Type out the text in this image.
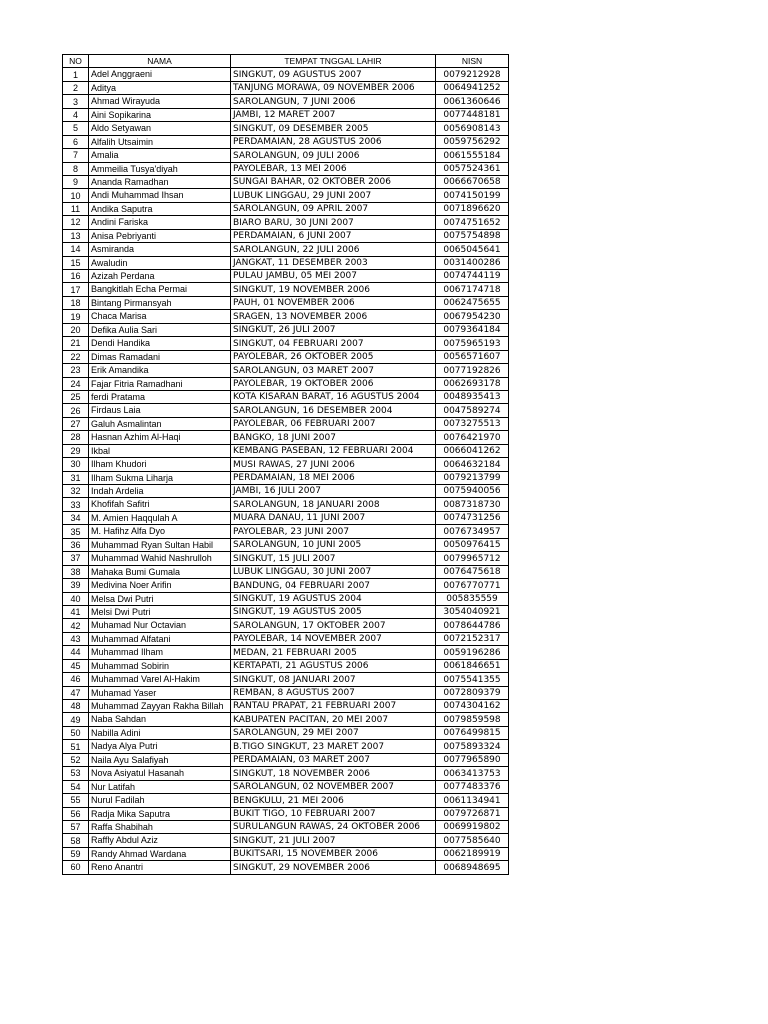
NO	NAMA	TEMPAT TNGGAL LAHIR	NISN
1	Adel Anggraeni	SINGKUT, 09 AGUSTUS 2007	0079212928
2	Aditya	TANJUNG MORAWA, 09 NOVEMBER 2006	0064941252
3	Ahmad Wirayuda	SAROLANGUN, 7 JUNI 2006	0061360646
4	Aini Sopikarina	JAMBI, 12 MARET 2007	0077448181
5	Aldo Setyawan	SINGKUT, 09 DESEMBER 2005	0056908143
6	Alfalih Utsaimin	PERDAMAIAN, 28 AGUSTUS 2006	0059756292
7	Amalia	SAROLANGUN, 09 JULI 2006	0061555184
8	Ammeilia Tusya'diyah	PAYOLEBAR, 13 MEI 2006	0057524361
9	Ananda Ramadhan	SUNGAI BAHAR, 02 OKTOBER 2006	0066670658
10	Andi Muhammad Ihsan	LUBUK LINGGAU, 29 JUNI 2007	0074150199
11	Andika Saputra	SAROLANGUN, 09 APRIL 2007	0071896620
12	Andini Fariska	BIARO BARU, 30 JUNI 2007	0074751652
13	Anisa Pebriyanti	PERDAMAIAN, 6 JUNI 2007	0075754898
14	Asmiranda	SAROLANGUN, 22 JULI 2006	0065045641
15	Awaludin	JANGKAT, 11 DESEMBER 2003	0031400286
16	Azizah Perdana	PULAU JAMBU, 05 MEI 2007	0074744119
17	Bangkitlah Echa Permai	SINGKUT, 19 NOVEMBER 2006	0067174718
18	Bintang Pirmansyah	PAUH, 01 NOVEMBER 2006	0062475655
19	Chaca Marisa	SRAGEN, 13 NOVEMBER 2006	0067954230
20	Defika Aulia Sari	SINGKUT, 26 JULI 2007	0079364184
21	Dendi Handika	SINGKUT, 04 FEBRUARI 2007	0075965193
22	Dimas Ramadani	PAYOLEBAR, 26 OKTOBER 2005	0056571607
23	Erik Amandika	SAROLANGUN, 03 MARET 2007	0077192826
24	Fajar Fitria Ramadhani	PAYOLEBAR, 19 OKTOBER 2006	0062693178
25	ferdi Pratama	KOTA KISARAN BARAT, 16 AGUSTUS 2004	0048935413
26	Firdaus Laia	SAROLANGUN, 16 DESEMBER 2004	0047589274
27	Galuh Asmalintan	PAYOLEBAR, 06 FEBRUARI 2007	0073275513
28	Hasnan Azhim Al-Haqi	BANGKO, 18 JUNI 2007	0076421970
29	Ikbal	KEMBANG PASEBAN, 12 FEBRUARI 2004	0066041262
30	Ilham Khudori	MUSI RAWAS, 27 JUNI 2006	0064632184
31	Ilham Sukma Liharja	PERDAMAIAN, 18 MEI 2006	0079213799
32	Indah Ardelia	JAMBI, 16 JULI 2007	0075940056
33	Khofifah Safitri	SAROLANGUN, 18 JANUARI 2008	0087318730
34	M. Amien Haqqulah A	MUARA DANAU, 11 JUNI 2007	0074731256
35	M. Hafihz Alfa Dyo	PAYOLEBAR, 23 JUNI 2007	0076734957
36	Muhammad Ryan Sultan Habil	SAROLANGUN, 10 JUNI 2005	0050976415
37	Muhammad Wahid Nashrulloh	SINGKUT, 15 JULI 2007	0079965712
38	Mahaka Bumi Gumala	LUBUK LINGGAU, 30 JUNI 2007	0076475618
39	Medivina Noer Arifin	BANDUNG, 04 FEBRUARI 2007	0076770771
40	Melsa Dwi Putri	SINGKUT, 19 AGUSTUS 2004	005835559
41	Melsi Dwi Putri	SINGKUT, 19 AGUSTUS 2005	3054040921
42	Muhamad Nur Octavian	SAROLANGUN, 17 OKTOBER 2007	0078644786
43	Muhammad Alfatani	PAYOLEBAR, 14 NOVEMBER 2007	0072152317
44	Muhammad Ilham	MEDAN, 21 FEBRUARI 2005	0059196286
45	Muhammad Sobirin	KERTAPATI, 21 AGUSTUS 2006	0061846651
46	Muhammad Varel Al-Hakim	SINGKUT, 08 JANUARI 2007	0075541355
47	Muhamad Yaser	REMBAN, 8 AGUSTUS 2007	0072809379
48	Muhammad Zayyan Rakha Billah	RANTAU PRAPAT, 21 FEBRUARI 2007	0074304162
49	Naba Sahdan	KABUPATEN PACITAN, 20 MEI 2007	0079859598
50	Nabilla Adini	SAROLANGUN, 29 MEI 2007	0076499815
51	Nadya Alya Putri	B.TIGO SINGKUT, 23 MARET 2007	0075893324
52	Naila Ayu Salafiyah	PERDAMAIAN, 03 MARET 2007	0077965890
53	Nova Asiyatul Hasanah	SINGKUT, 18 NOVEMBER 2006	0063413753
54	Nur Latifah	SAROLANGUN, 02 NOVEMBER 2007	0077483376
55	Nurul Fadilah	BENGKULU, 21 MEI 2006	0061134941
56	Radja Mika Saputra	BUKIT TIGO, 10 FEBRUARI 2007	0079726871
57	Raffa Shabihah	SURULANGUN RAWAS, 24 OKTOBER 2006	0069919802
58	Raffly Abdul Aziz	SINGKUT, 21 JULI 2007	0077585640
59	Randy Ahmad Wardana	BUKITSARI, 15 NOVEMBER 2006	0062189919
60	Reno Anantri	SINGKUT, 29 NOVEMBER 2006	0068948695
